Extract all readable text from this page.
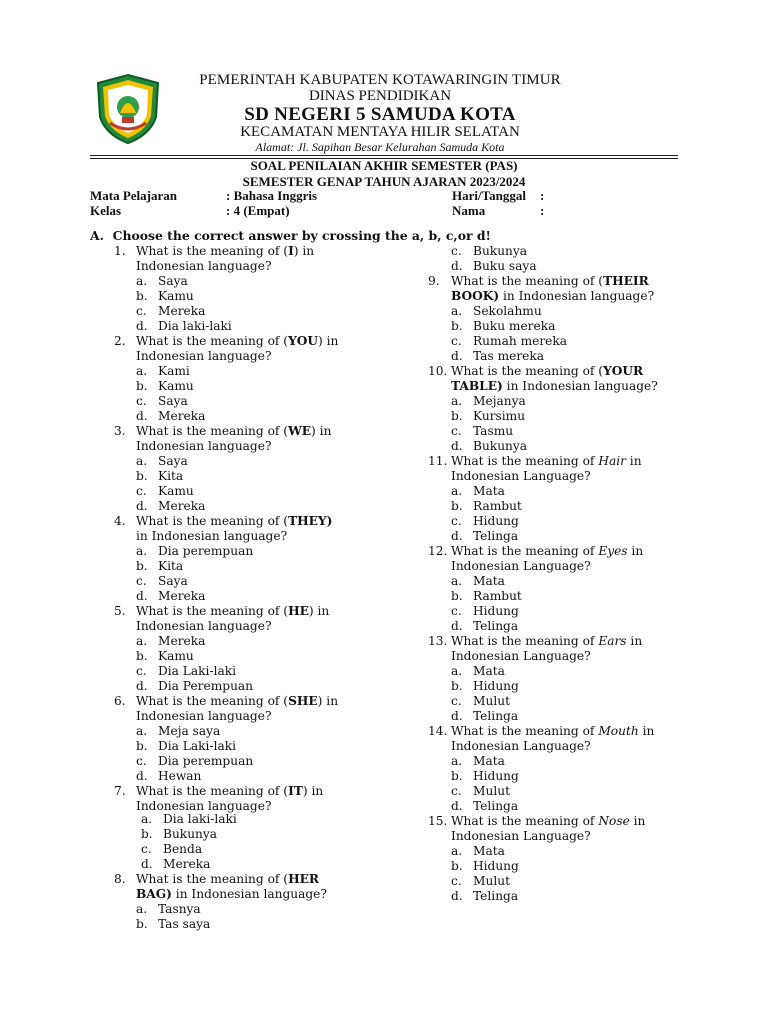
PEMERINTAH KABUPATEN KOTAWARINGIN TIMUR
DINAS PENDIDIKAN
SD NEGERI 5 SAMUDA KOTA
KECAMATAN MENTAYA HILIR SELATAN
Alamat: Jl. Sapihan Besar Kelurahan Samuda Kota
SOAL PENILAIAN AKHIR SEMESTER (PAS)
SEMESTER GENAP TAHUN AJARAN 2023/2024
Mata Pelajaran	: Bahasa Inggris
Kelas	: 4 (Empat)
Hari/Tanggal :
Nama	:
A. Choose the correct answer by crossing the a, b, c,or d!
1. What is the meaning of (I) in
Indonesian language?
a. Saya
b. Kamu
c. Mereka
d. Dia laki-laki
2. What is the meaning of (YOU) in
Indonesian language?
a. Kami
b. Kamu
c. Saya
d. Mereka
3. What is the meaning of (WE) in
Indonesian language?
a. Saya
b. Kita
c. Kamu
d. Mereka
4. What is the meaning of (THEY)
in Indonesian language?
a. Dia perempuan
b. Kita
c. Saya
d. Mereka
5. What is the meaning of (HE) in
Indonesian language?
a. Mereka
b. Kamu
c. Dia Laki-laki
d. Dia Perempuan
6. What is the meaning of (SHE) in
Indonesian language?
a. Meja saya
b. Dia Laki-laki
c. Dia perempuan
d. Hewan
7. What is the meaning of (IT) in
Indonesian language?
a. Dia laki-laki
b. Bukunya
c. Benda
d. Mereka
8. What is the meaning of (HER
BAG) in Indonesian language?
a. Tasnya
b. Tas saya
c. Bukunya
d. Buku saya
9. What is the meaning of (THEIR
BOOK) in Indonesian language?
a. Sekolahmu
b. Buku mereka
c. Rumah mereka
d. Tas mereka
10. What is the meaning of (YOUR
TABLE) in Indonesian language?
a. Mejanya
b. Kursimu
c. Tasmu
d. Bukunya
11. What is the meaning of Hair in
Indonesian Language?
a. Mata
b. Rambut
c. Hidung
d. Telinga
12. What is the meaning of Eyes in
Indonesian Language?
a. Mata
b. Rambut
c. Hidung
d. Telinga
13. What is the meaning of Ears in
Indonesian Language?
a. Mata
b. Hidung
c. Mulut
d. Telinga
14. What is the meaning of Mouth in
Indonesian Language?
a. Mata
b. Hidung
c. Mulut
d. Telinga
15. What is the meaning of Nose in
Indonesian Language?
a. Mata
b. Hidung
c. Mulut
d. Telinga
